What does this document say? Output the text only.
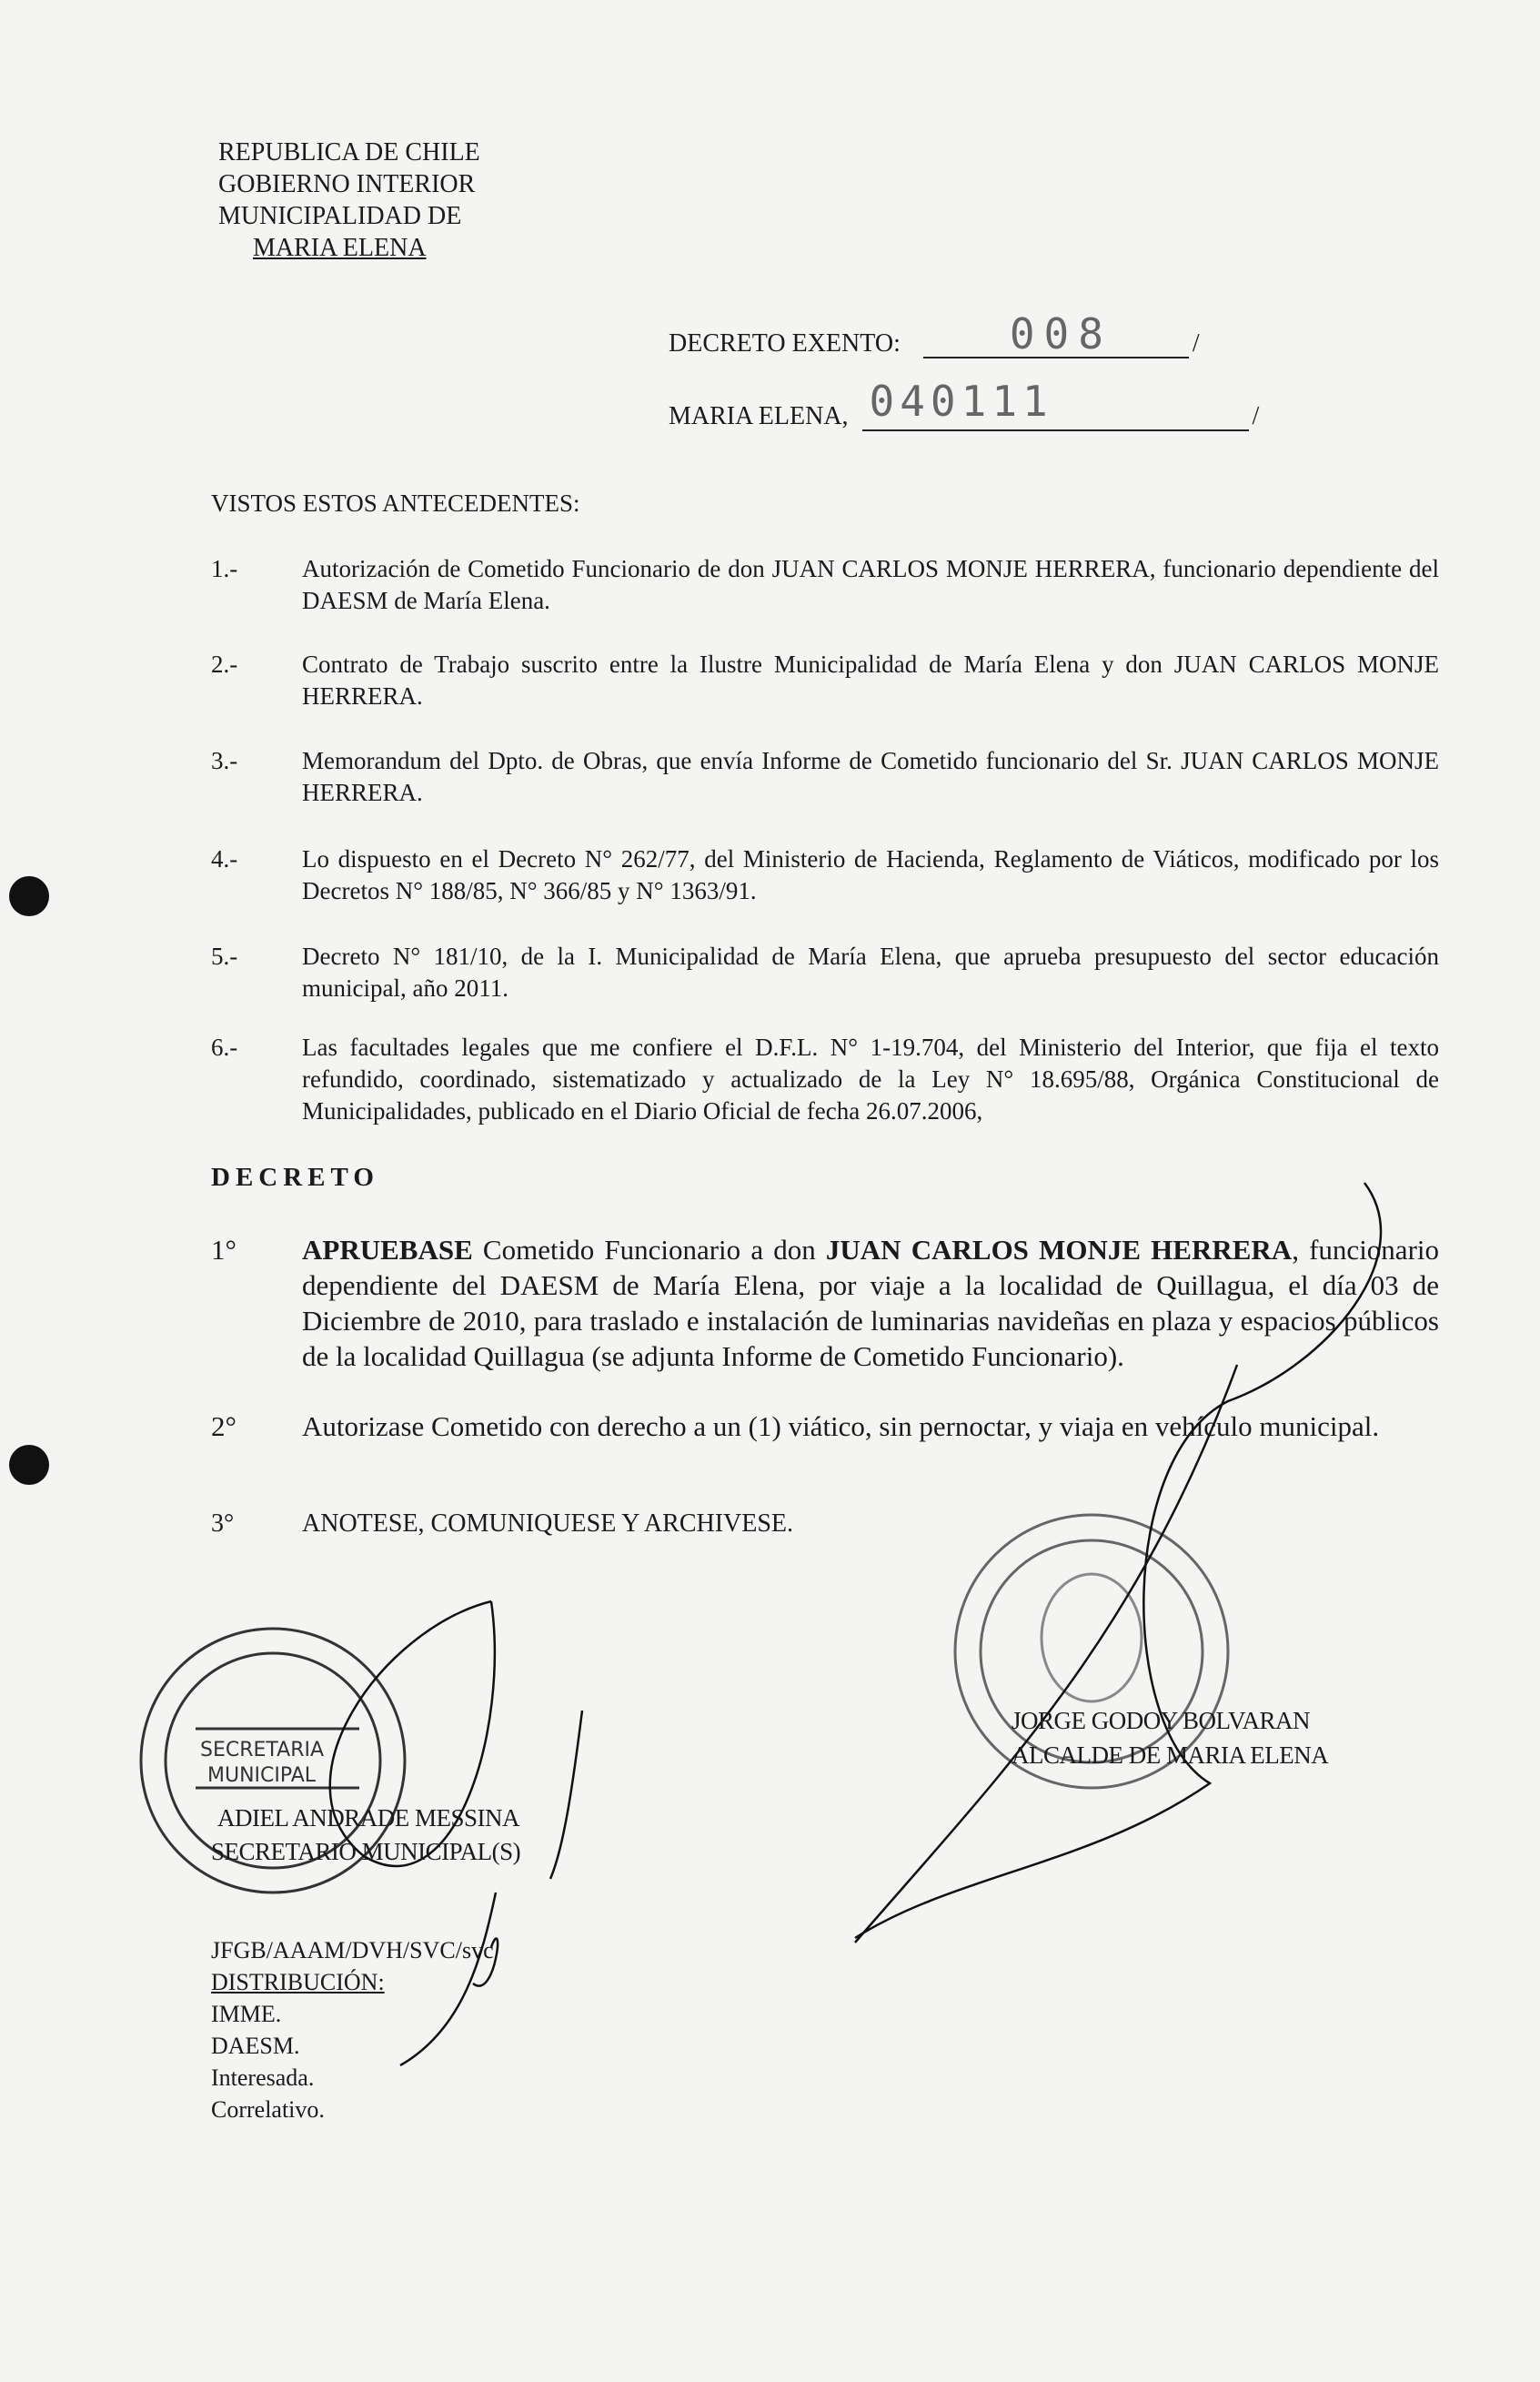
REPUBLICA DE CHILE
GOBIERNO INTERIOR
MUNICIPALIDAD DE
MARIA ELENA
DECRETO EXENTO:	008	/
MARIA ELENA, 040111	/
VISTOS ESTOS ANTECEDENTES:
1.-	Autorización de Cometido Funcionario de don JUAN CARLOS MONJE HERRERA, funcionario dependiente del DAESM de María Elena.
2.-	Contrato de Trabajo suscrito entre la Ilustre Municipalidad de María Elena y don JUAN CARLOS MONJE HERRERA.
3.-	Memorandum del Dpto. de Obras, que envía Informe de Cometido funcionario del Sr. JUAN CARLOS MONJE HERRERA.
4.-	Lo dispuesto en el Decreto N° 262/77, del Ministerio de Hacienda, Reglamento de Viáticos, modificado por los Decretos N° 188/85, N° 366/85 y N° 1363/91.
5.-	Decreto N° 181/10, de la I. Municipalidad de María Elena, que aprueba presupuesto del sector educación municipal, año 2011.
6.-	Las facultades legales que me confiere el D.F.L. N° 1-19.704, del Ministerio del Interior, que fija el texto refundido, coordinado, sistematizado y actualizado de la Ley N° 18.695/88, Orgánica Constitucional de Municipalidades, publicado en el Diario Oficial de fecha 26.07.2006,
DECRETO
1°	APRUEBASE Cometido Funcionario a don JUAN CARLOS MONJE HERRERA, funcionario dependiente del DAESM de María Elena, por viaje a la localidad de Quillagua, el día 03 de Diciembre de 2010, para traslado e instalación de luminarias navideñas en plaza y espacios públicos de la localidad Quillagua (se adjunta Informe de Cometido Funcionario).
2°	Autorizase Cometido con derecho a un (1) viático, sin pernoctar, y viaja en vehículo municipal.
3°	ANOTESE, COMUNIQUESE Y ARCHIVESE.
SECRETARIA
MUNICIPAL
JORGE GODOY BOLVARAN
ALCALDE DE MARIA ELENA
ADIEL ANDRADE MESSINA
SECRETARIO MUNICIPAL(S)
JFGB/AAAM/DVH/SVC/svc
DISTRIBUCIÓN:
IMME.
DAESM.
Interesada.
Correlativo.
